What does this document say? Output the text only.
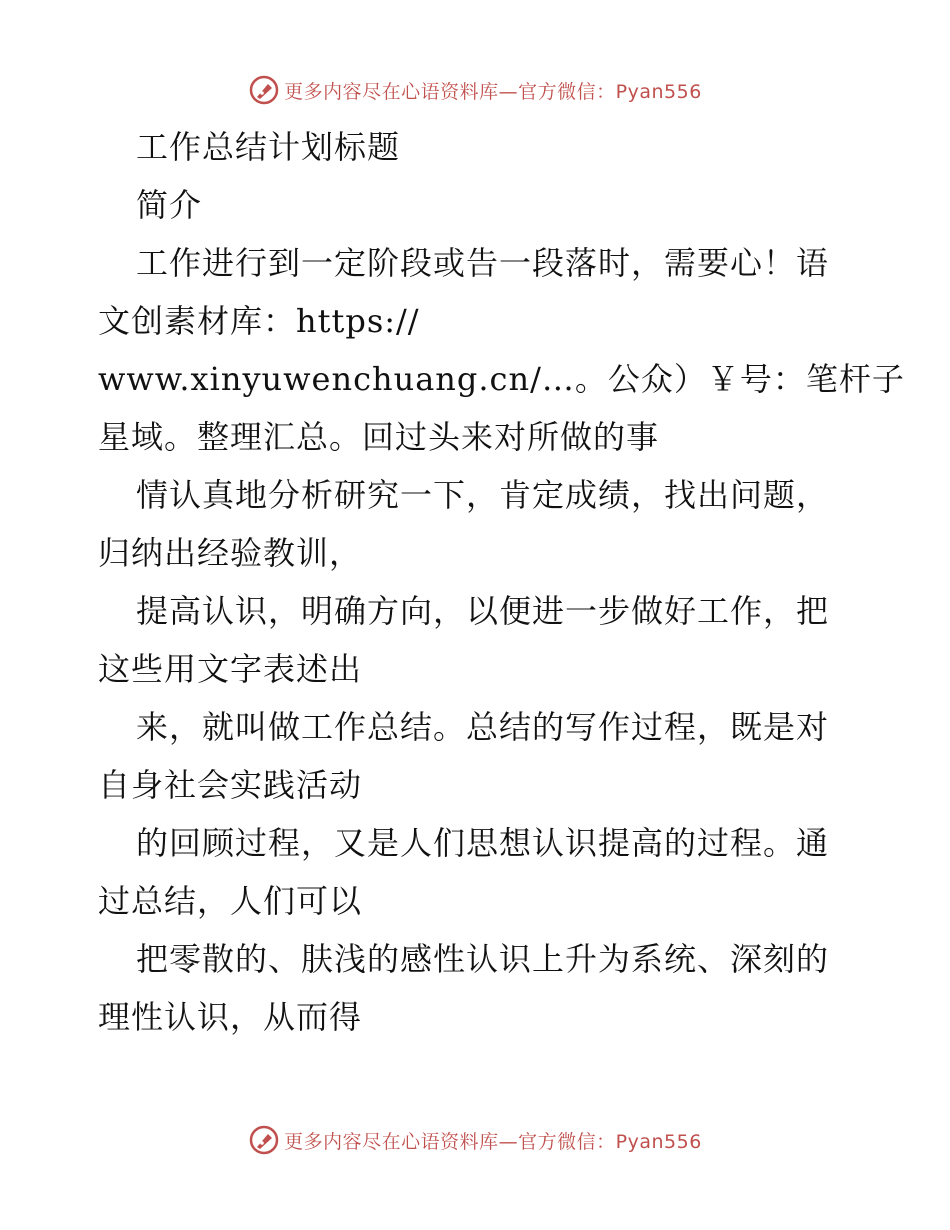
更多内容尽在心语资料库—官方微信：Pyan556
工作总结计划标题
简介
工作进行到一定阶段或告一段落时，需要心！语
文创素材库：https://
www.xinyuwenchuang.cn/…。公众）￥号：笔杆子
星域。整理汇总。回过头来对所做的事
情认真地分析研究一下，肯定成绩，找出问题，
归纳出经验教训，
提高认识，明确方向，以便进一步做好工作，把
这些用文字表述出
来，就叫做工作总结。总结的写作过程，既是对
自身社会实践活动
的回顾过程，又是人们思想认识提高的过程。通
过总结，人们可以
把零散的、肤浅的感性认识上升为系统、深刻的
理性认识，从而得
更多内容尽在心语资料库—官方微信：Pyan556
